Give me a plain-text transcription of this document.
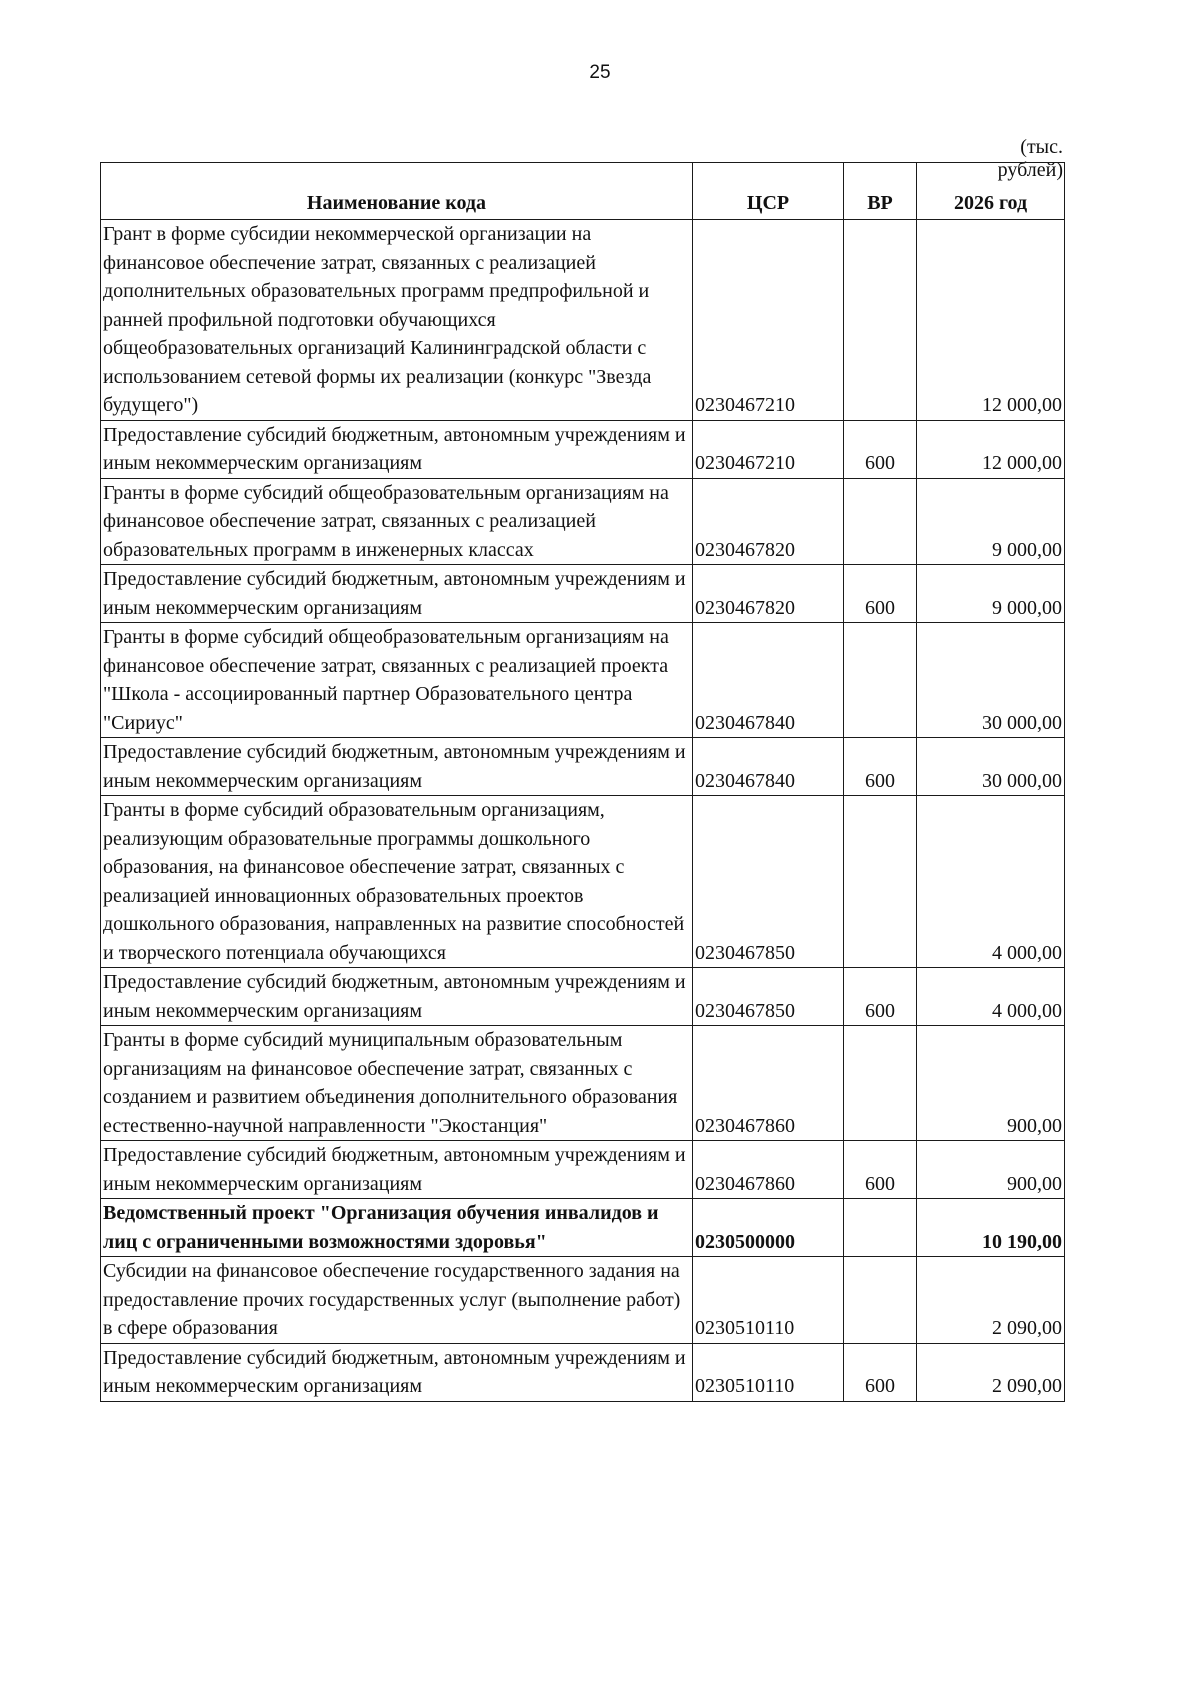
25
(тыс. рублей)
Наименование кода	ЦСР	ВР	2026 год
Грант в форме субсидии некоммерческой организации на финансовое обеспечение затрат, связанных с реализацией дополнительных образовательных программ предпрофильной и ранней профильной подготовки обучающихся общеобразовательных организаций Калининградской области с использованием сетевой формы их реализации (конкурс "Звезда будущего")	0230467210		12 000,00
Предоставление субсидий бюджетным, автономным учреждениям и иным некоммерческим организациям	0230467210	600	12 000,00
Гранты в форме субсидий общеобразовательным организациям на финансовое обеспечение затрат, связанных с реализацией образовательных программ в инженерных классах	0230467820		9 000,00
Предоставление субсидий бюджетным, автономным учреждениям и иным некоммерческим организациям	0230467820	600	9 000,00
Гранты в форме субсидий общеобразовательным организациям на финансовое обеспечение затрат, связанных с реализацией проекта "Школа - ассоциированный партнер Образовательного центра "Сириус"	0230467840		30 000,00
Предоставление субсидий бюджетным, автономным учреждениям и иным некоммерческим организациям	0230467840	600	30 000,00
Гранты в форме субсидий образовательным организациям, реализующим образовательные программы дошкольного образования, на финансовое обеспечение затрат, связанных с реализацией инновационных образовательных проектов дошкольного образования, направленных на развитие способностей и творческого потенциала обучающихся	0230467850		4 000,00
Предоставление субсидий бюджетным, автономным учреждениям и иным некоммерческим организациям	0230467850	600	4 000,00
Гранты в форме субсидий муниципальным образовательным организациям на финансовое обеспечение затрат, связанных с созданием и развитием объединения дополнительного образования естественно-научной направленности "Экостанция"	0230467860		900,00
Предоставление субсидий бюджетным, автономным учреждениям и иным некоммерческим организациям	0230467860	600	900,00
Ведомственный проект "Организация обучения инвалидов и лиц с ограниченными возможностями здоровья"	0230500000		10 190,00
Субсидии на финансовое обеспечение государственного задания на предоставление прочих государственных услуг (выполнение работ) в сфере образования	0230510110		2 090,00
Предоставление субсидий бюджетным, автономным учреждениям и иным некоммерческим организациям	0230510110	600	2 090,00
